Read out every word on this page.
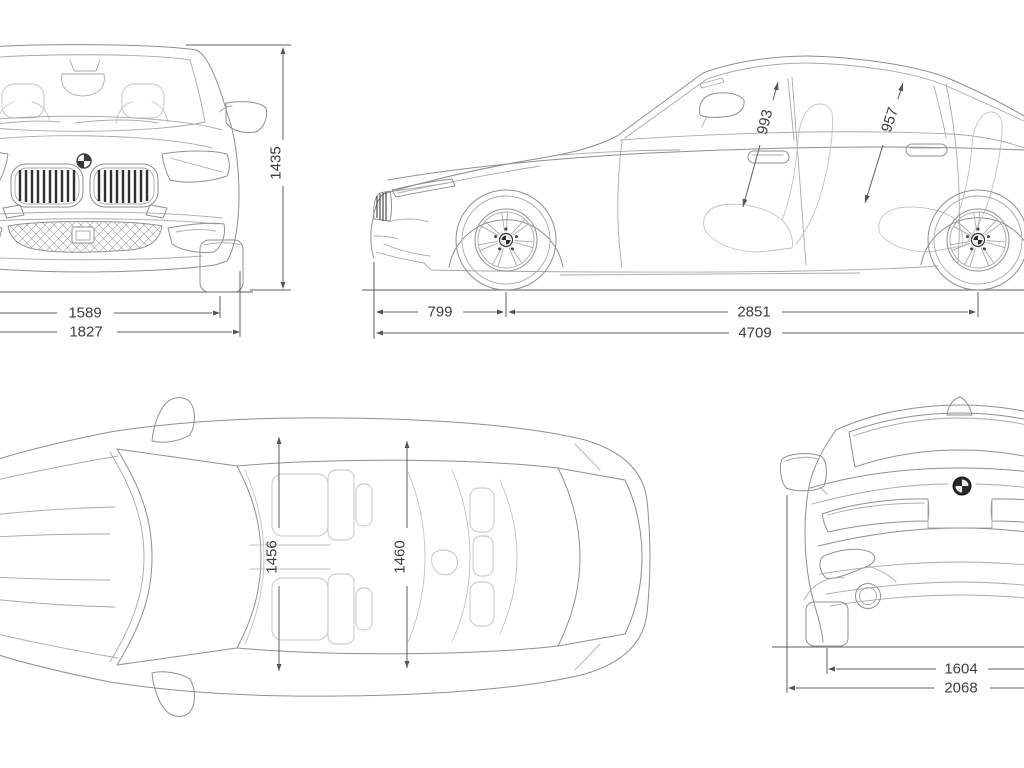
1435
1589
1827
993	957
799	2851
4709
1456	1460
1604
2068
